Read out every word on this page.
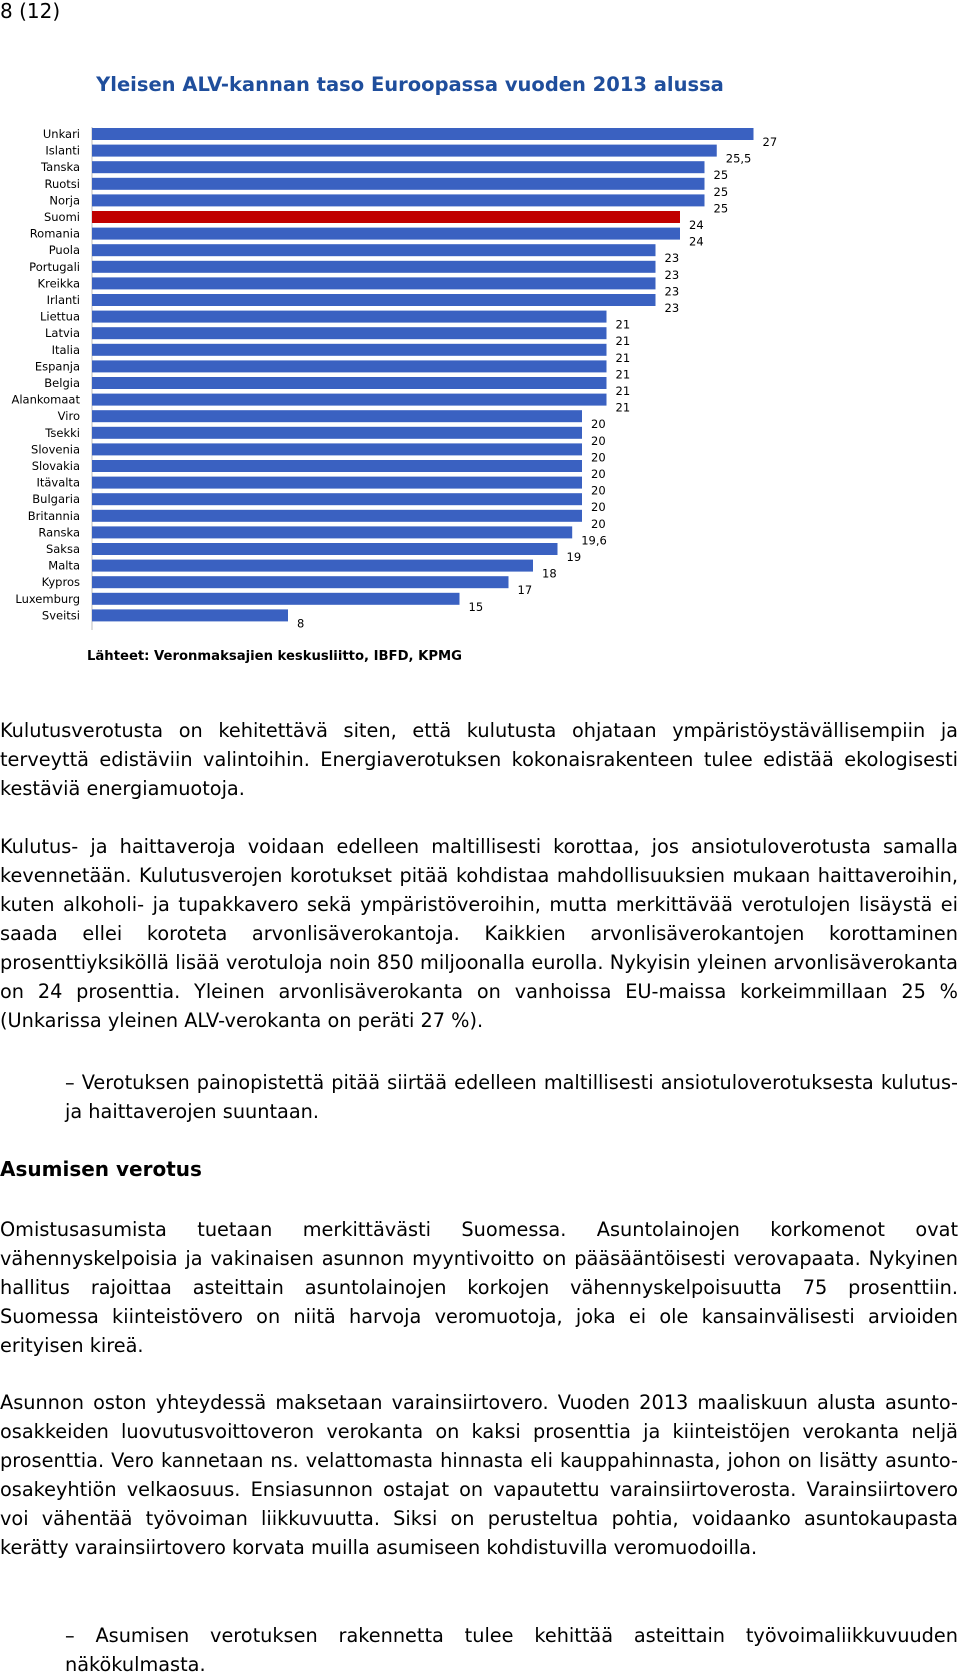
8 (12)
Yleisen ALV-kannan taso Euroopassa vuoden 2013 alussa
Unkari
27
Islanti
25,5
Tanska
25
Ruotsi
25
Norja
25
Suomi
24
Romania
24
Puola
23
Portugali
23
Kreikka
23
Irlanti
23
Liettua
21
Latvia
21
Italia
21
Espanja
21
Belgia
21
Alankomaat
21
Viro
20
Tsekki
20
Slovenia
20
Slovakia
20
Itävalta
20
Bulgaria
20
Britannia
20
Ranska
19,6
Saksa
19
Malta
18
Kypros
17
Luxemburg
15
Sveitsi
8
Lähteet: Veronmaksajien keskusliitto, IBFD, KPMG

Kulutusverotusta on kehitettävä siten, että kulutusta ohjataan ympäristöystävällisempiin ja terveyttä edistäviin valintoihin. Energiaverotuksen kokonaisrakenteen tulee edistää ekologisesti kestäviä energiamuotoja.

Kulutus- ja haittaveroja voidaan edelleen maltillisesti korottaa, jos ansiotuloverotusta samalla kevennetään. Kulutusverojen korotukset pitää kohdistaa mahdollisuuksien mukaan haittaveroihin, kuten alkoholi- ja tupakkavero sekä ympäristöveroihin, mutta merkittävää verotulojen lisäystä ei saada ellei koroteta arvonlisäverokantoja. Kaikkien arvonlisäverokantojen korottaminen prosenttiyksiköllä lisää verotuloja noin 850 miljoonalla eurolla. Nykyisin yleinen arvonlisäverokanta on 24 prosenttia. Yleinen arvonlisäverokanta on vanhoissa EU-maissa korkeimmillaan 25 % (Unkarissa yleinen ALV-verokanta on peräti 27 %).

– Verotuksen painopistettä pitää siirtää edelleen maltillisesti ansiotuloverotuksesta kulutus- ja haittaverojen suuntaan.

Asumisen verotus

Omistusasumista tuetaan merkittävästi Suomessa. Asuntolainojen korkomenot ovat vähennyskelpoisia ja vakinaisen asunnon myyntivoitto on pääsääntöisesti verovapaata. Nykyinen hallitus rajoittaa asteittain asuntolainojen korkojen vähennyskelpoisuutta 75 prosenttiin. Suomessa kiinteistövero on niitä harvoja veromuotoja, joka ei ole kansainvälisesti arvioiden erityisen kireä.

Asunnon oston yhteydessä maksetaan varainsiirtovero. Vuoden 2013 maaliskuun alusta asunto-osakkeiden luovutusvoittoveron verokanta on kaksi prosenttia ja kiinteistöjen verokanta neljä prosenttia. Vero kannetaan ns. velattomasta hinnasta eli kauppahinnasta, johon on lisätty asunto-osakeyhtiön velkaosuus. Ensiasunnon ostajat on vapautettu varainsiirtoverosta. Varainsiirtovero voi vähentää työvoiman liikkuvuutta. Siksi on perusteltua pohtia, voidaanko asuntokaupasta kerätty varainsiirtovero korvata muilla asumiseen kohdistuvilla veromuodoilla.

– Asumisen verotuksen rakennetta tulee kehittää asteittain työvoimaliikkuvuuden näkökulmasta.
